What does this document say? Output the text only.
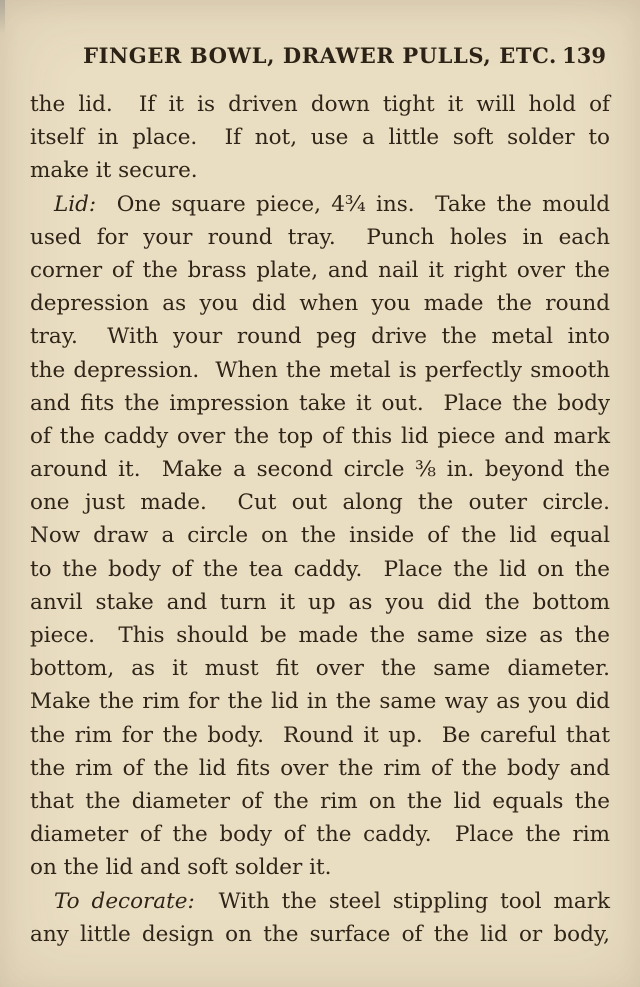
FINGER BOWL, DRAWER PULLS, ETC. 139
the lid.  If it is driven down tight it will hold of
itself in place.  If not, use a little soft solder to
make it secure.
Lid:  One square piece, 4¾ ins.  Take the mould
used for your round tray.  Punch holes in each
corner of the brass plate, and nail it right over the
depression as you did when you made the round
tray.  With your round peg drive the metal into
the depression.  When the metal is perfectly smooth
and fits the impression take it out.  Place the body
of the caddy over the top of this lid piece and mark
around it.  Make a second circle ⅜ in. beyond the
one just made.  Cut out along the outer circle.
Now draw a circle on the inside of the lid equal
to the body of the tea caddy.  Place the lid on the
anvil stake and turn it up as you did the bottom
piece.  This should be made the same size as the
bottom, as it must fit over the same diameter.
Make the rim for the lid in the same way as you did
the rim for the body.  Round it up.  Be careful that
the rim of the lid fits over the rim of the body and
that the diameter of the rim on the lid equals the
diameter of the body of the caddy.  Place the rim
on the lid and soft solder it.
To decorate:  With the steel stippling tool mark
any little design on the surface of the lid or body,
